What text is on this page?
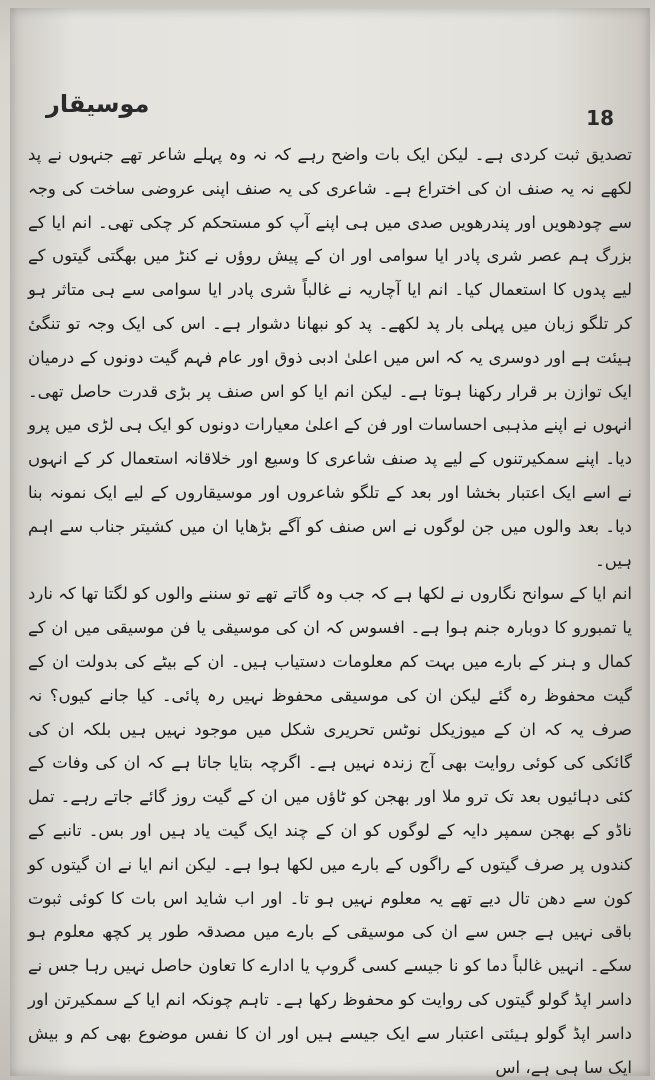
موسیقار	18

تصدیق ثبت کردی ہے۔ لیکن ایک بات واضح رہے کہ نہ وہ پہلے شاعر تھے جنہوں نے پد لکھے نہ یہ صنف ان کی اختراع ہے۔ شاعری کی یہ صنف اپنی عروضی ساخت کی وجہ سے چودھویں اور پندرھویں صدی میں ہی اپنے آپ کو مستحکم کر چکی تھی۔ انم ایا کے بزرگ ہم عصر شری پادر ایا سوامی اور ان کے پیش روؤں نے کنڑ میں بھگتی گیتوں کے لیے پدوں کا استعمال کیا۔ انم ایا آچاریہ نے غالباً شری پادر ایا سوامی سے ہی متاثر ہو کر تلگو زبان میں پہلی بار پد لکھے۔ پد کو نبھانا دشوار ہے۔ اس کی ایک وجہ تو تنگیٔ ہیئت ہے اور دوسری یہ کہ اس میں اعلیٰ ادبی ذوق اور عام فہم گیت دونوں کے درمیان ایک توازن بر قرار رکھنا ہوتا ہے۔ لیکن انم ایا کو اس صنف پر بڑی قدرت حاصل تھی۔ انہوں نے اپنے مذہبی احساسات اور فن کے اعلیٰ معیارات دونوں کو ایک ہی لڑی میں پرو دیا۔ اپنے سمکیرتنوں کے لیے پد صنف شاعری کا وسیع اور خلاقانہ استعمال کر کے انہوں نے اسے ایک اعتبار بخشا اور بعد کے تلگو شاعروں اور موسیقاروں کے لیے ایک نمونہ بنا دیا۔ بعد والوں میں جن لوگوں نے اس صنف کو آگے بڑھایا ان میں کشیتر جناب سے اہم ہیں۔

انم ایا کے سوانح نگاروں نے لکھا ہے کہ جب وہ گاتے تھے تو سننے والوں کو لگتا تھا کہ نارد یا تمبورو کا دوبارہ جنم ہوا ہے۔ افسوس کہ ان کی موسیقی یا فن موسیقی میں ان کے کمال و ہنر کے بارے میں بہت کم معلومات دستیاب ہیں۔ ان کے بیٹے کی بدولت ان کے گیت محفوظ رہ گئے لیکن ان کی موسیقی محفوظ نہیں رہ پائی۔ کیا جانے کیوں؟ نہ صرف یہ کہ ان کے میوزیکل نوٹس تحریری شکل میں موجود نہیں ہیں بلکہ ان کی گائکی کی کوئی روایت بھی آج زندہ نہیں ہے۔ اگرچہ بتایا جاتا ہے کہ ان کی وفات کے کئی دہائیوں بعد تک ترو ملا اور بھجن کو ٹاؤں میں ان کے گیت روز گائے جاتے رہے۔ تمل ناڈو کے بھجن سمپر دایہ کے لوگوں کو ان کے چند ایک گیت یاد ہیں اور بس۔ تانبے کے کندوں پر صرف گیتوں کے راگوں کے بارے میں لکھا ہوا ہے۔ لیکن انم ایا نے ان گیتوں کو کون سے دھن تال دیے تھے یہ معلوم نہیں ہو تا۔ اور اب شاید اس بات کا کوئی ثبوت باقی نہیں ہے جس سے ان کی موسیقی کے بارے میں مصدقہ طور پر کچھ معلوم ہو سکے۔ انہیں غالباً دما کو نا جیسے کسی گروپ یا ادارے کا تعاون حاصل نہیں رہا جس نے داسر اپڈ گولو گیتوں کی روایت کو محفوظ رکھا ہے۔ تاہم چونکہ انم ایا کے سمکیرتن اور داسر اپڈ گولو ہیئتی اعتبار سے ایک جیسے ہیں اور ان کا نفس موضوع بھی کم و بیش ایک سا ہی ہے، اس
